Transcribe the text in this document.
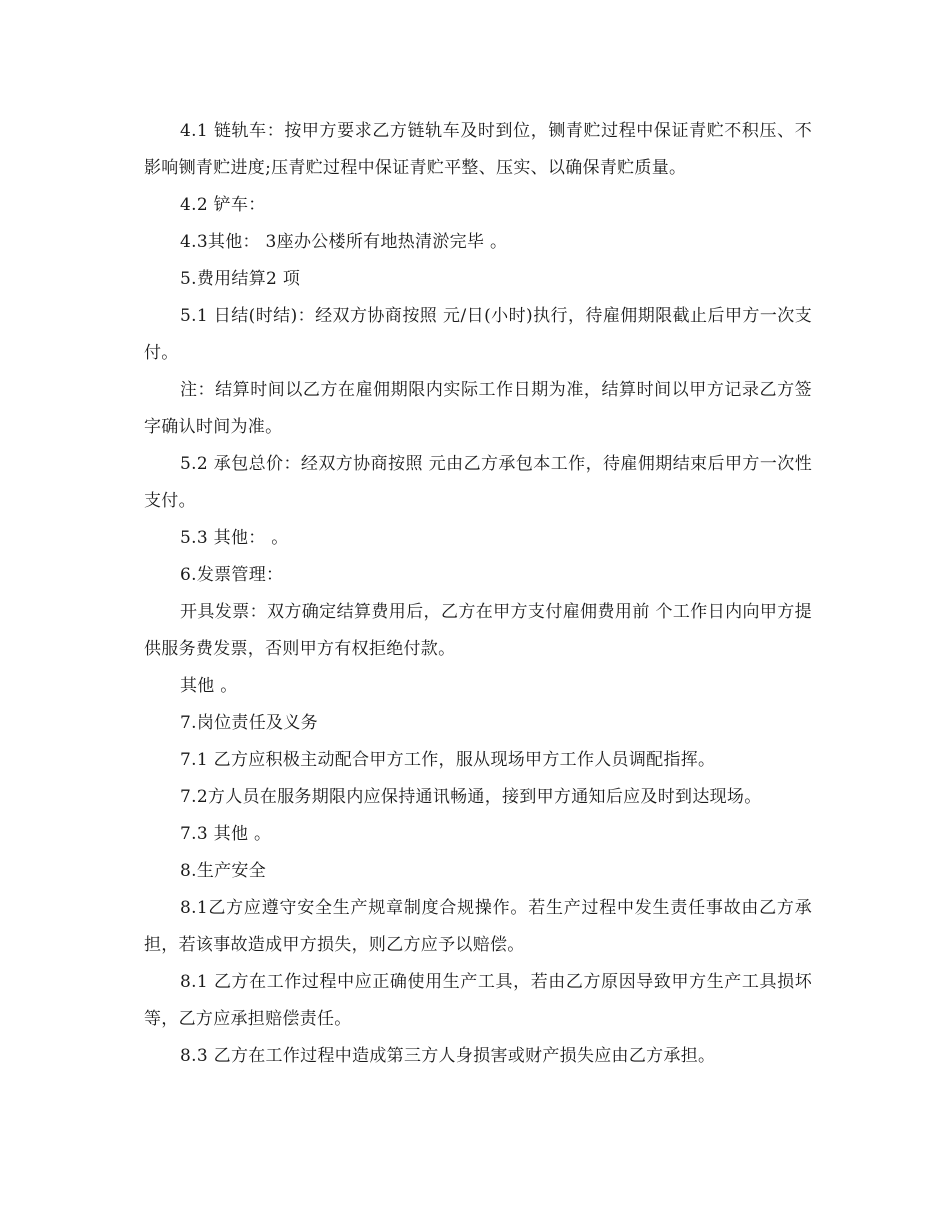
4.1 链轨车：按甲方要求乙方链轨车及时到位，铡青贮过程中保证青贮不积压、不影响铡青贮进度;压青贮过程中保证青贮平整、压实、以确保青贮质量。

4.2 铲车：

4.3其他： 3座办公楼所有地热清淤完毕 。

5.费用结算2 项

5.1 日结(时结)：经双方协商按照 元/日(小时)执行，待雇佣期限截止后甲方一次支付。

注：结算时间以乙方在雇佣期限内实际工作日期为准，结算时间以甲方记录乙方签字确认时间为准。

5.2 承包总价：经双方协商按照 元由乙方承包本工作，待雇佣期结束后甲方一次性支付。

5.3 其他： 。

6.发票管理：

开具发票：双方确定结算费用后，乙方在甲方支付雇佣费用前 个工作日内向甲方提供服务费发票，否则甲方有权拒绝付款。

其他 。

7.岗位责任及义务

7.1 乙方应积极主动配合甲方工作，服从现场甲方工作人员调配指挥。

7.2方人员在服务期限内应保持通讯畅通，接到甲方通知后应及时到达现场。

7.3 其他 。

8.生产安全

8.1乙方应遵守安全生产规章制度合规操作。若生产过程中发生责任事故由乙方承担，若该事故造成甲方损失，则乙方应予以赔偿。

8.1 乙方在工作过程中应正确使用生产工具，若由乙方原因导致甲方生产工具损坏等，乙方应承担赔偿责任。

8.3 乙方在工作过程中造成第三方人身损害或财产损失应由乙方承担。
